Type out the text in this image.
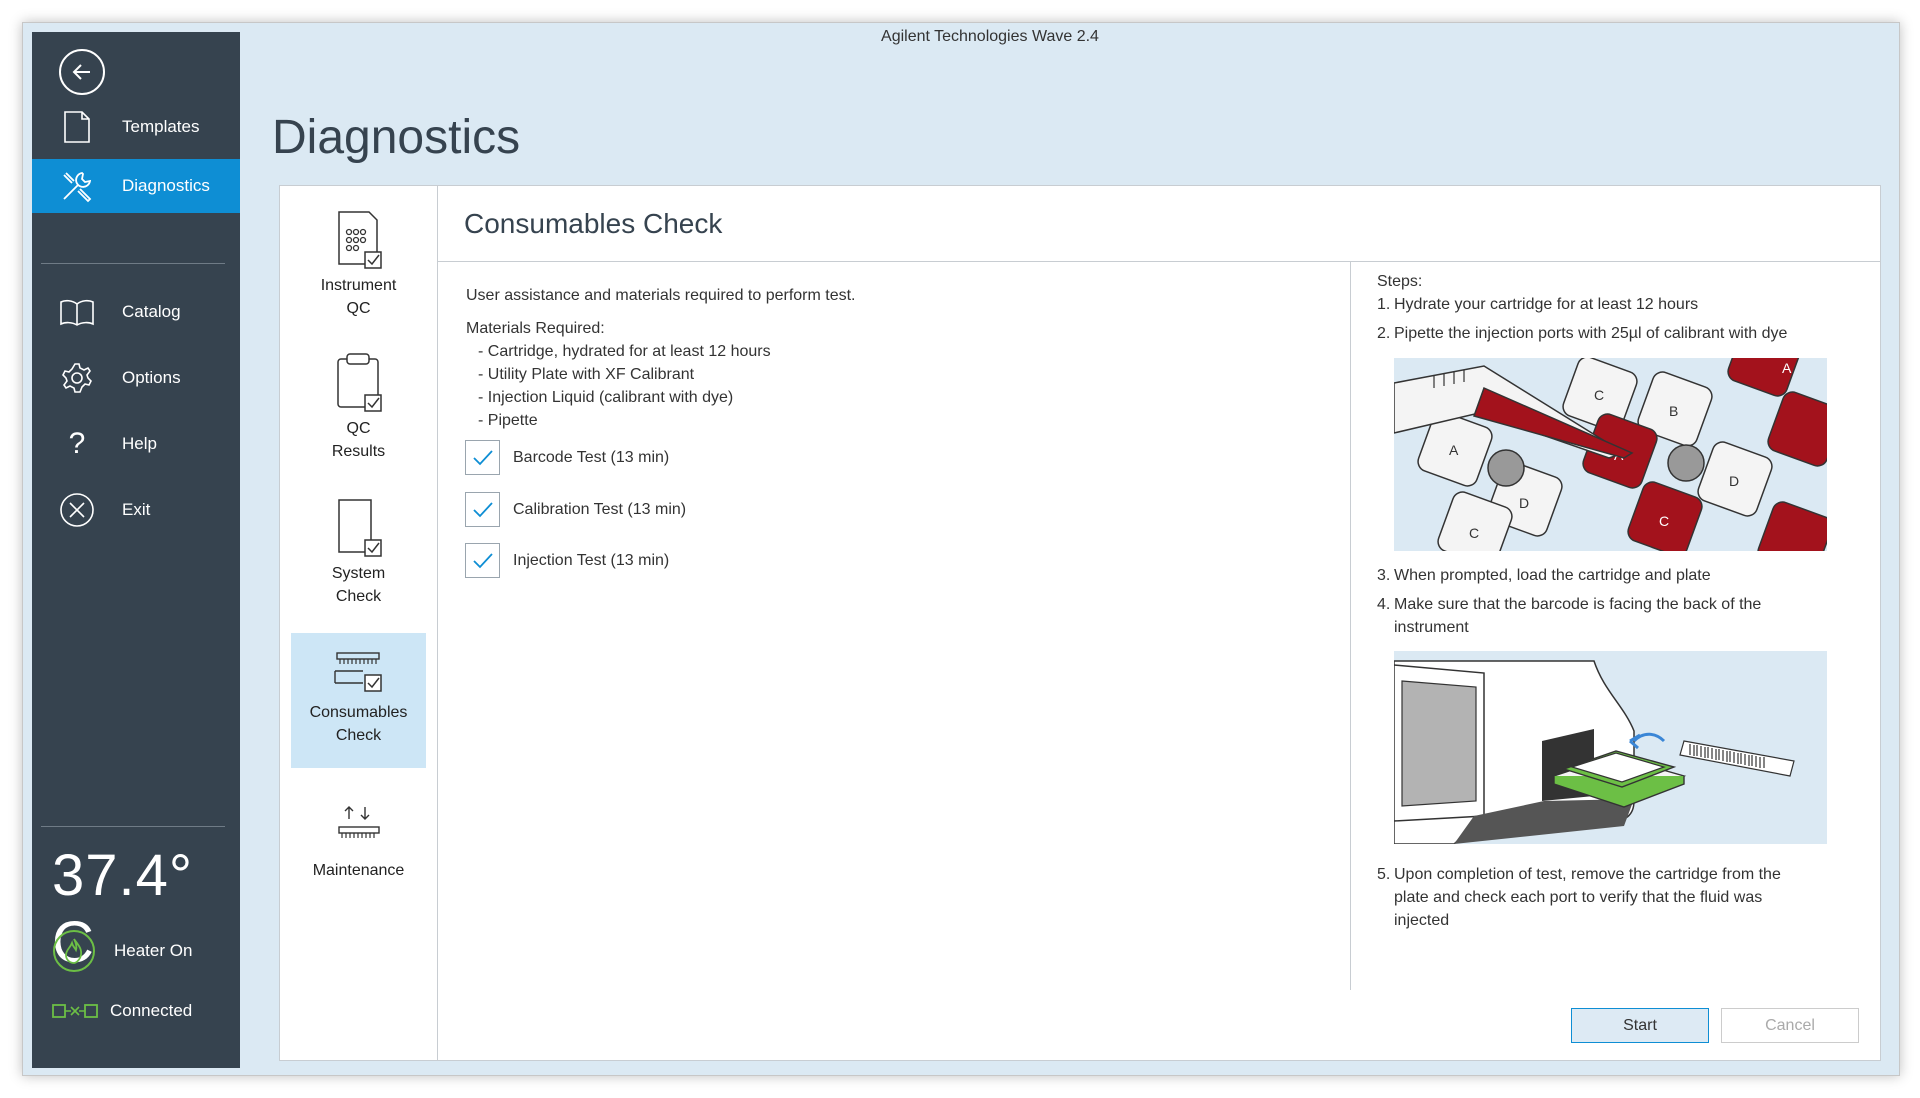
Agilent Technologies Wave 2.4
Templates
Diagnostics
Catalog
Options
? Help
Exit
37.4° C	Heater On
Connected
Diagnostics
Instrument
QC
QC
Results
System
Check
Consumables
Check
Maintenance
Consumables Check
User assistance and materials required to perform test.
Materials Required:
- Cartridge, hydrated for at least 12 hours
- Utility Plate with XF Calibrant
- Injection Liquid (calibrant with dye)
- Pipette
Barcode Test (13 min)
Calibration Test (13 min)
Injection Test (13 min)
Steps:
1. Hydrate your cartridge for at least 12 hours
2. Pipette the injection ports with 25µl of calibrant with dye
A
D
C
C
B
D
C
A
3. When prompted, load the cartridge and plate
4. Make sure that the barcode is facing the back of the
instrument
5. Upon completion of test, remove the cartridge from the
plate and check each port to verify that the fluid was
injected
Start	Cancel
